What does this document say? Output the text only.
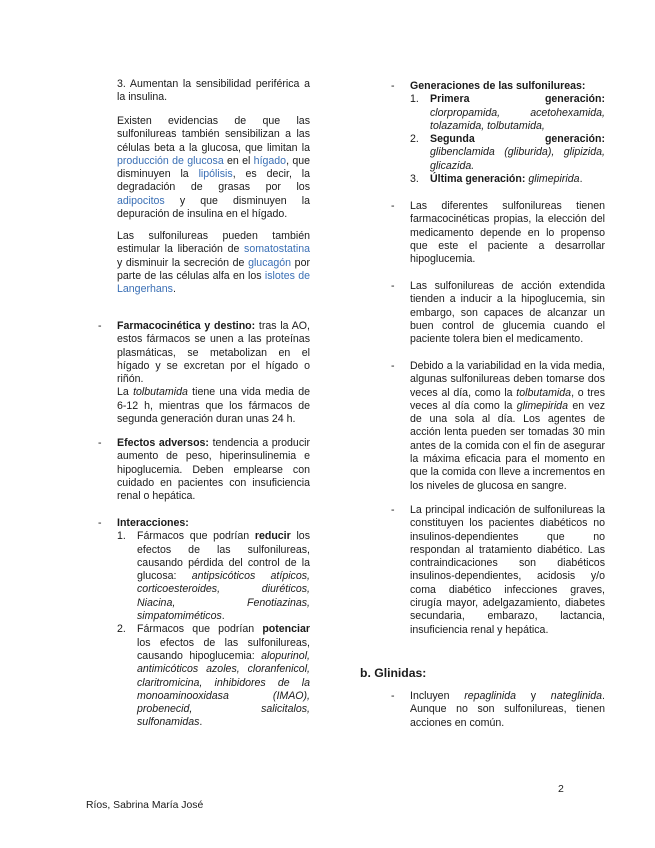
3. Aumentan la sensibilidad periférica a la insulina.

Existen evidencias de que las sulfonilureas también sensibilizan a las células beta a la glucosa, que limitan la producción de glucosa en el hígado, que disminuyen la lipólisis, es decir, la degradación de grasas por los adipocitos y que disminuyen la depuración de insulina en el hígado.

Las sulfonilureas pueden también estimular la liberación de somatostatina y disminuir la secreción de glucagón por parte de las células alfa en los islotes de Langerhans.

- Farmacocinética y destino: tras la AO, estos fármacos se unen a las proteínas plasmáticas, se metabolizan en el hígado y se excretan por el hígado o riñón.

La tolbutamida tiene una vida media de 6-12 h, mientras que los fármacos de segunda generación duran unas 24 h.

- Efectos adversos: tendencia a producir aumento de peso, hiperinsulinemia e hipoglucemia. Deben emplearse con cuidado en pacientes con insuficiencia renal o hepática.

- Interacciones:

1. Fármacos que podrían reducir los efectos de las sulfonilureas, causando pérdida del control de la glucosa: antipsicóticos atípicos, corticoesteroides, diuréticos, Niacina, Fenotiazinas, simpatomiméticos.
2. Fármacos que podrían potenciar los efectos de las sulfonilureas, causando hipoglucemia: alopurinol, antimicóticos azoles, cloranfenicol, claritromicina, inhibidores de la monoaminooxidasa (IMAO), probenecid, salicitalos, sulfonamidas.
- Generaciones de las sulfonilureas:

1. Primera generación: clorpropamida, acetohexamida, tolazamida, tolbutamida,
2. Segunda generación: glibenclamida (gliburida), glipizida, glicazida.
3. Última generación: glimepirida.
- Las diferentes sulfonilureas tienen farmacocinéticas propias, la elección del medicamento depende en lo propenso que este el paciente a desarrollar hipoglucemia.

- Las sulfonilureas de acción extendida tienden a inducir a la hipoglucemia, sin embargo, son capaces de alcanzar un buen control de glucemia cuando el paciente tolera bien el medicamento.

- Debido a la variabilidad en la vida media, algunas sulfonilureas deben tomarse dos veces al día, como la tolbutamida, o tres veces al día como la glimepirida en vez de una sola al día. Los agentes de acción lenta pueden ser tomadas 30 min antes de la comida con el fin de asegurar la máxima eficacia para el momento en que la comida con lleve a incrementos en los niveles de glucosa en sangre.

- La principal indicación de sulfonilureas la constituyen los pacientes diabéticos no insulinos-dependientes que no respondan al tratamiento diabético. Las contraindicaciones son diabéticos insulinos-dependientes, acidosis y/o coma diabético infecciones graves, cirugía mayor, adelgazamiento, diabetes secundaria, embarazo, lactancia, insuficiencia renal y hepática.

- Incluyen repaglinida y nateglinida. Aunque no son sulfonilureas, tienen acciones en común.

b. Glinidas:
2
Ríos, Sabrina María José
